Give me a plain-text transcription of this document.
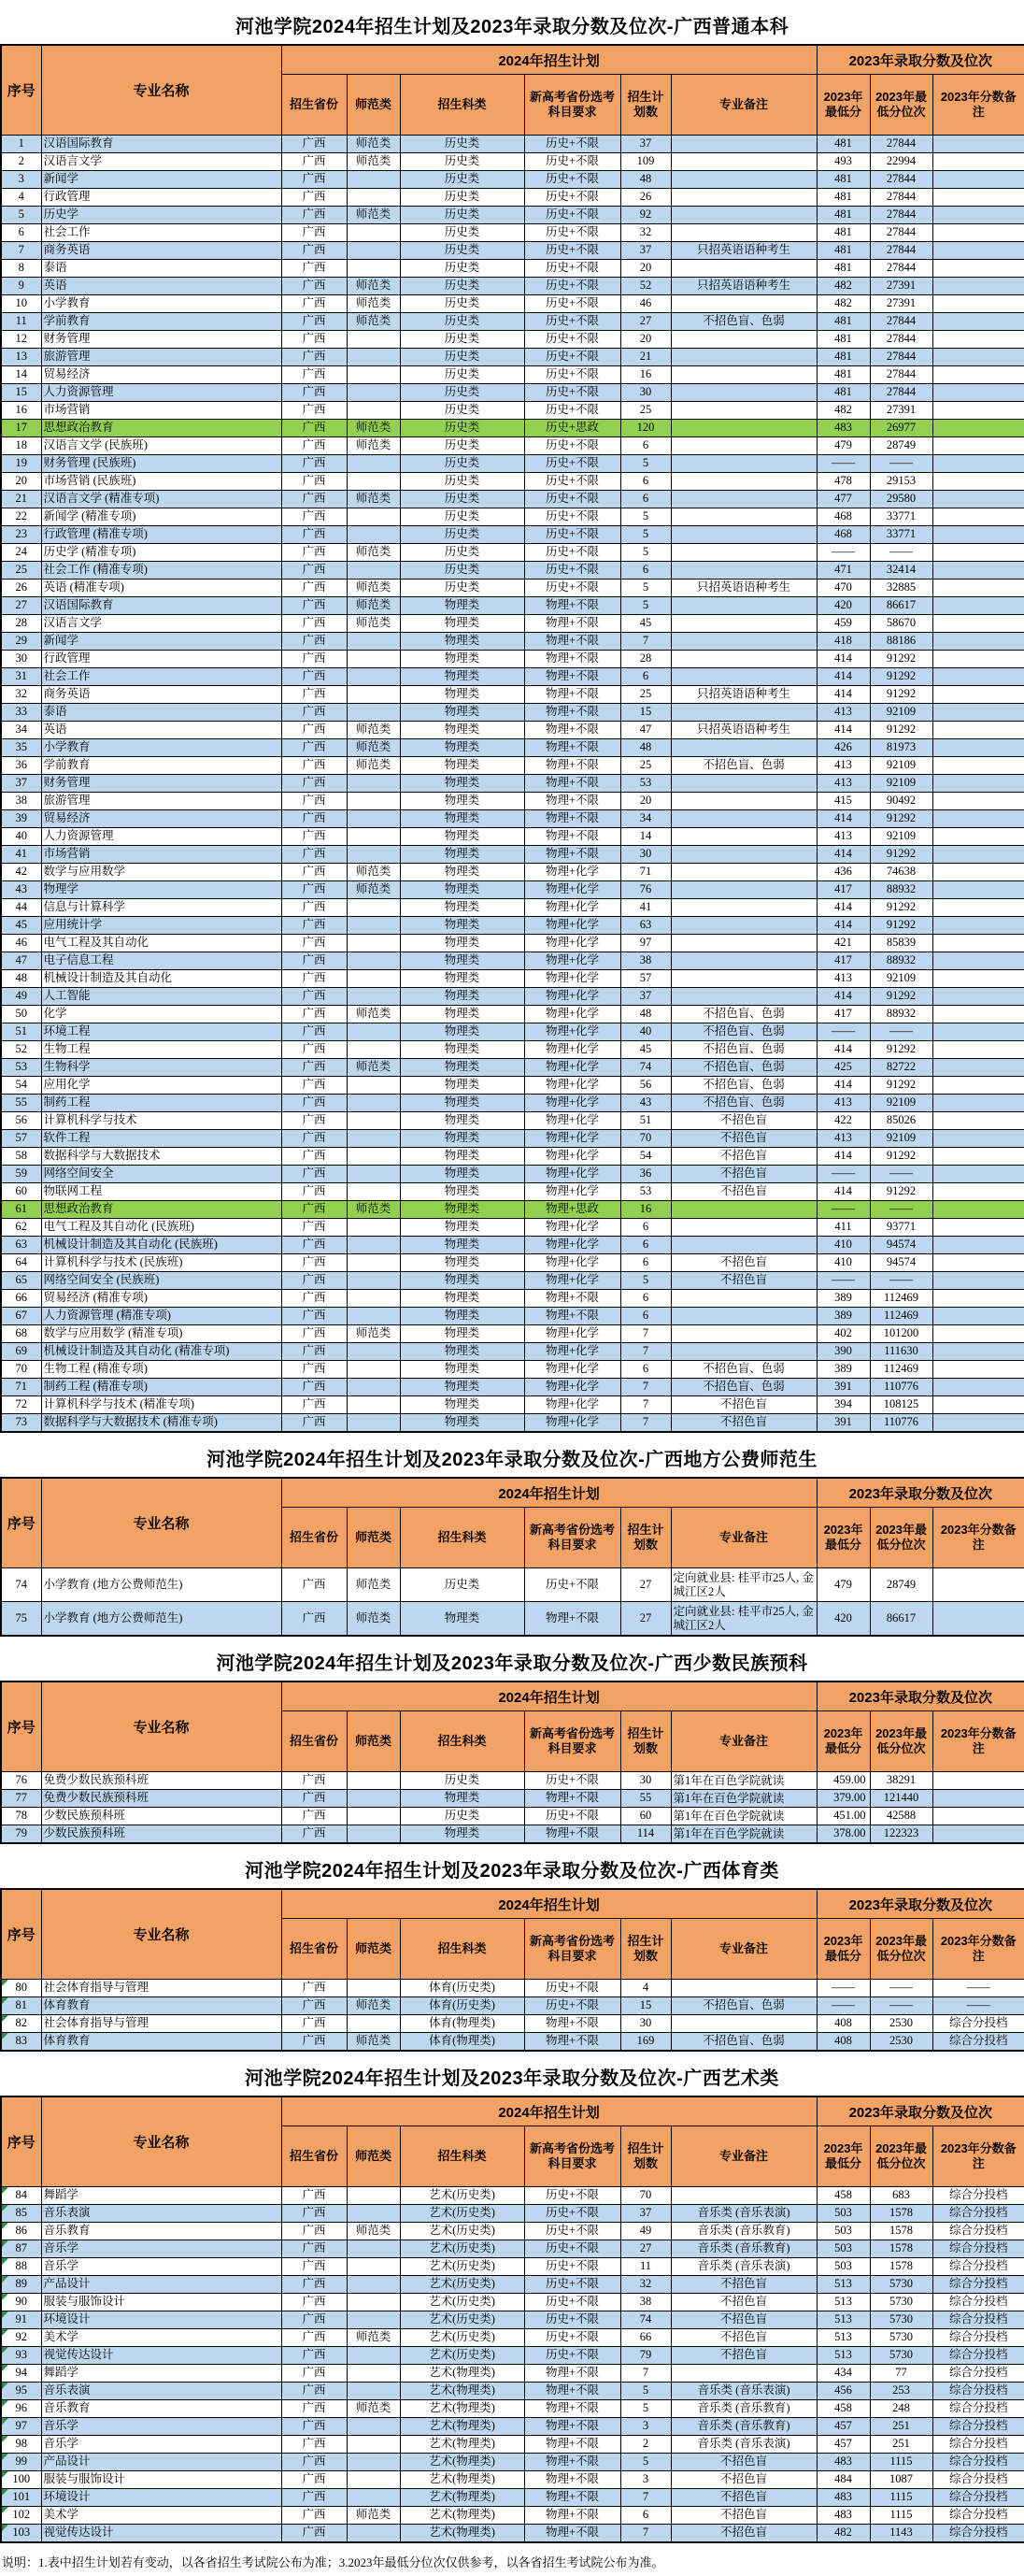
河池学院2024年招生计划及2023年录取分数及位次-广西普通本科
序号	专业名称	2024年招生计划						2023年录取分数及位次		
		招生省份	师范类	招生科类	新高考省份选考科目要求	招生计划数	专业备注	2023年最低分	2023年最低分位次	2023年分数备注
1	汉语国际教育	广西	师范类	历史类	历史+不限	37		481	27844	
2	汉语言文学	广西	师范类	历史类	历史+不限	109		493	22994	
3	新闻学	广西		历史类	历史+不限	48		481	27844	
4	行政管理	广西		历史类	历史+不限	26		481	27844	
5	历史学	广西	师范类	历史类	历史+不限	92		481	27844	
6	社会工作	广西		历史类	历史+不限	32		481	27844	
7	商务英语	广西		历史类	历史+不限	37	只招英语语种考生	481	27844	
8	泰语	广西		历史类	历史+不限	20		481	27844	
9	英语	广西	师范类	历史类	历史+不限	52	只招英语语种考生	482	27391	
10	小学教育	广西	师范类	历史类	历史+不限	46		482	27391	
11	学前教育	广西	师范类	历史类	历史+不限	27	不招色盲、色弱	481	27844	
12	财务管理	广西		历史类	历史+不限	20		481	27844	
13	旅游管理	广西		历史类	历史+不限	21		481	27844	
14	贸易经济	广西		历史类	历史+不限	16		481	27844	
15	人力资源管理	广西		历史类	历史+不限	30		481	27844	
16	市场营销	广西		历史类	历史+不限	25		482	27391	
17	思想政治教育	广西	师范类	历史类	历史+思政	120		483	26977	
18	汉语言文学 (民族班)	广西	师范类	历史类	历史+不限	6		479	28749	
19	财务管理 (民族班)	广西		历史类	历史+不限	5		——	——	
20	市场营销 (民族班)	广西		历史类	历史+不限	6		478	29153	
21	汉语言文学 (精准专项)	广西	师范类	历史类	历史+不限	6		477	29580	
22	新闻学 (精准专项)	广西		历史类	历史+不限	5		468	33771	
23	行政管理 (精准专项)	广西		历史类	历史+不限	5		468	33771	
24	历史学 (精准专项)	广西	师范类	历史类	历史+不限	5		——	——	
25	社会工作 (精准专项)	广西		历史类	历史+不限	6		471	32414	
26	英语 (精准专项)	广西	师范类	历史类	历史+不限	5	只招英语语种考生	470	32885	
27	汉语国际教育	广西	师范类	物理类	物理+不限	5		420	86617	
28	汉语言文学	广西	师范类	物理类	物理+不限	45		459	58670	
29	新闻学	广西		物理类	物理+不限	7		418	88186	
30	行政管理	广西		物理类	物理+不限	28		414	91292	
31	社会工作	广西		物理类	物理+不限	6		414	91292	
32	商务英语	广西		物理类	物理+不限	25	只招英语语种考生	414	91292	
33	泰语	广西		物理类	物理+不限	15		413	92109	
34	英语	广西	师范类	物理类	物理+不限	47	只招英语语种考生	414	91292	
35	小学教育	广西	师范类	物理类	物理+不限	48		426	81973	
36	学前教育	广西	师范类	物理类	物理+不限	25	不招色盲、色弱	413	92109	
37	财务管理	广西		物理类	物理+不限	53		413	92109	
38	旅游管理	广西		物理类	物理+不限	20		415	90492	
39	贸易经济	广西		物理类	物理+不限	34		414	91292	
40	人力资源管理	广西		物理类	物理+不限	14		413	92109	
41	市场营销	广西		物理类	物理+不限	30		414	91292	
42	数学与应用数学	广西	师范类	物理类	物理+化学	71		436	74638	
43	物理学	广西	师范类	物理类	物理+化学	76		417	88932	
44	信息与计算科学	广西		物理类	物理+化学	41		414	91292	
45	应用统计学	广西		物理类	物理+化学	63		414	91292	
46	电气工程及其自动化	广西		物理类	物理+化学	97		421	85839	
47	电子信息工程	广西		物理类	物理+化学	38		417	88932	
48	机械设计制造及其自动化	广西		物理类	物理+化学	57		413	92109	
49	人工智能	广西		物理类	物理+化学	37		414	91292	
50	化学	广西	师范类	物理类	物理+化学	48	不招色盲、色弱	417	88932	
51	环境工程	广西		物理类	物理+化学	40	不招色盲、色弱	——	——	
52	生物工程	广西		物理类	物理+化学	45	不招色盲、色弱	414	91292	
53	生物科学	广西	师范类	物理类	物理+化学	74	不招色盲、色弱	425	82722	
54	应用化学	广西		物理类	物理+化学	56	不招色盲、色弱	414	91292	
55	制药工程	广西		物理类	物理+化学	43	不招色盲、色弱	413	92109	
56	计算机科学与技术	广西		物理类	物理+化学	51	不招色盲	422	85026	
57	软件工程	广西		物理类	物理+化学	70	不招色盲	413	92109	
58	数据科学与大数据技术	广西		物理类	物理+化学	54	不招色盲	414	91292	
59	网络空间安全	广西		物理类	物理+化学	36	不招色盲	——	——	
60	物联网工程	广西		物理类	物理+化学	53	不招色盲	414	91292	
61	思想政治教育	广西	师范类	物理类	物理+思政	16		——	——	
62	电气工程及其自动化 (民族班)	广西		物理类	物理+化学	6		411	93771	
63	机械设计制造及其自动化 (民族班)	广西		物理类	物理+化学	6		410	94574	
64	计算机科学与技术 (民族班)	广西		物理类	物理+化学	6	不招色盲	410	94574	
65	网络空间安全 (民族班)	广西		物理类	物理+化学	5	不招色盲	——	——	
66	贸易经济 (精准专项)	广西		物理类	物理+不限	6		389	112469	
67	人力资源管理 (精准专项)	广西		物理类	物理+不限	6		389	112469	
68	数学与应用数学 (精准专项)	广西	师范类	物理类	物理+化学	7		402	101200	
69	机械设计制造及其自动化 (精准专项)	广西		物理类	物理+化学	7		390	111630	
70	生物工程 (精准专项)	广西		物理类	物理+化学	6	不招色盲、色弱	389	112469	
71	制药工程 (精准专项)	广西		物理类	物理+化学	7	不招色盲、色弱	391	110776	
72	计算机科学与技术 (精准专项)	广西		物理类	物理+化学	7	不招色盲	394	108125	
73	数据科学与大数据技术 (精准专项)	广西		物理类	物理+化学	7	不招色盲	391	110776	
河池学院2024年招生计划及2023年录取分数及位次-广西地方公费师范生
序号	专业名称	2024年招生计划						2023年录取分数及位次		
		招生省份	师范类	招生科类	新高考省份选考科目要求	招生计划数	专业备注	2023年最低分	2023年最低分位次	2023年分数备注
74	小学教育 (地方公费师范生)	广西	师范类	历史类	历史+不限	27	定向就业县: 桂平市25人, 金城江区2人	479	28749	
75	小学教育 (地方公费师范生)	广西	师范类	物理类	物理+不限	27	定向就业县: 桂平市25人, 金城江区2人	420	86617	
河池学院2024年招生计划及2023年录取分数及位次-广西少数民族预科
序号	专业名称	2024年招生计划						2023年录取分数及位次		
		招生省份	师范类	招生科类	新高考省份选考科目要求	招生计划数	专业备注	2023年最低分	2023年最低分位次	2023年分数备注
76	免费少数民族预科班	广西		历史类	历史+不限	30	第1年在百色学院就读	459.00	38291	
77	免费少数民族预科班	广西		物理类	物理+不限	55	第1年在百色学院就读	379.00	121440	
78	少数民族预科班	广西		历史类	历史+不限	60	第1年在百色学院就读	451.00	42588	
79	少数民族预科班	广西		物理类	物理+不限	114	第1年在百色学院就读	378.00	122323	
河池学院2024年招生计划及2023年录取分数及位次-广西体育类
序号	专业名称	2024年招生计划						2023年录取分数及位次		
		招生省份	师范类	招生科类	新高考省份选考科目要求	招生计划数	专业备注	2023年最低分	2023年最低分位次	2023年分数备注
80	社会体育指导与管理	广西		体育(历史类)	历史+不限	4		——	——	——
81	体育教育	广西	师范类	体育(历史类)	历史+不限	15	不招色盲、色弱	——	——	——
82	社会体育指导与管理	广西		体育(物理类)	物理+不限	30		408	2530	综合分投档
83	体育教育	广西	师范类	体育(物理类)	物理+不限	169	不招色盲、色弱	408	2530	综合分投档
河池学院2024年招生计划及2023年录取分数及位次-广西艺术类
序号	专业名称	2024年招生计划						2023年录取分数及位次		
		招生省份	师范类	招生科类	新高考省份选考科目要求	招生计划数	专业备注	2023年最低分	2023年最低分位次	2023年分数备注
84	舞蹈学	广西		艺术(历史类)	历史+不限	70		458	683	综合分投档
85	音乐表演	广西		艺术(历史类)	历史+不限	37	音乐类 (音乐表演)	503	1578	综合分投档
86	音乐教育	广西	师范类	艺术(历史类)	历史+不限	49	音乐类 (音乐教育)	503	1578	综合分投档
87	音乐学	广西		艺术(历史类)	历史+不限	27	音乐类 (音乐教育)	503	1578	综合分投档
88	音乐学	广西		艺术(历史类)	历史+不限	11	音乐类 (音乐表演)	503	1578	综合分投档
89	产品设计	广西		艺术(历史类)	历史+不限	32	不招色盲	513	5730	综合分投档
90	服装与服饰设计	广西		艺术(历史类)	历史+不限	38	不招色盲	513	5730	综合分投档
91	环境设计	广西		艺术(历史类)	历史+不限	74	不招色盲	513	5730	综合分投档
92	美术学	广西	师范类	艺术(历史类)	历史+不限	66	不招色盲	513	5730	综合分投档
93	视觉传达设计	广西		艺术(历史类)	历史+不限	79	不招色盲	513	5730	综合分投档
94	舞蹈学	广西		艺术(物理类)	物理+不限	7		434	77	综合分投档
95	音乐表演	广西		艺术(物理类)	物理+不限	5	音乐类 (音乐表演)	456	253	综合分投档
96	音乐教育	广西	师范类	艺术(物理类)	物理+不限	5	音乐类 (音乐教育)	458	248	综合分投档
97	音乐学	广西		艺术(物理类)	物理+不限	3	音乐类 (音乐教育)	457	251	综合分投档
98	音乐学	广西		艺术(物理类)	物理+不限	2	音乐类 (音乐表演)	457	251	综合分投档
99	产品设计	广西		艺术(物理类)	物理+不限	5	不招色盲	483	1115	综合分投档
100	服装与服饰设计	广西		艺术(物理类)	物理+不限	3	不招色盲	484	1087	综合分投档
101	环境设计	广西		艺术(物理类)	物理+不限	7	不招色盲	483	1115	综合分投档
102	美术学	广西	师范类	艺术(物理类)	物理+不限	6	不招色盲	483	1115	综合分投档
103	视觉传达设计	广西		艺术(物理类)	物理+不限	7	不招色盲	482	1143	综合分投档
说明：1.表中招生计划若有变动，以各省招生考试院公布为准；3.2023年最低分位次仅供参考，以各省招生考试院公布为准。
